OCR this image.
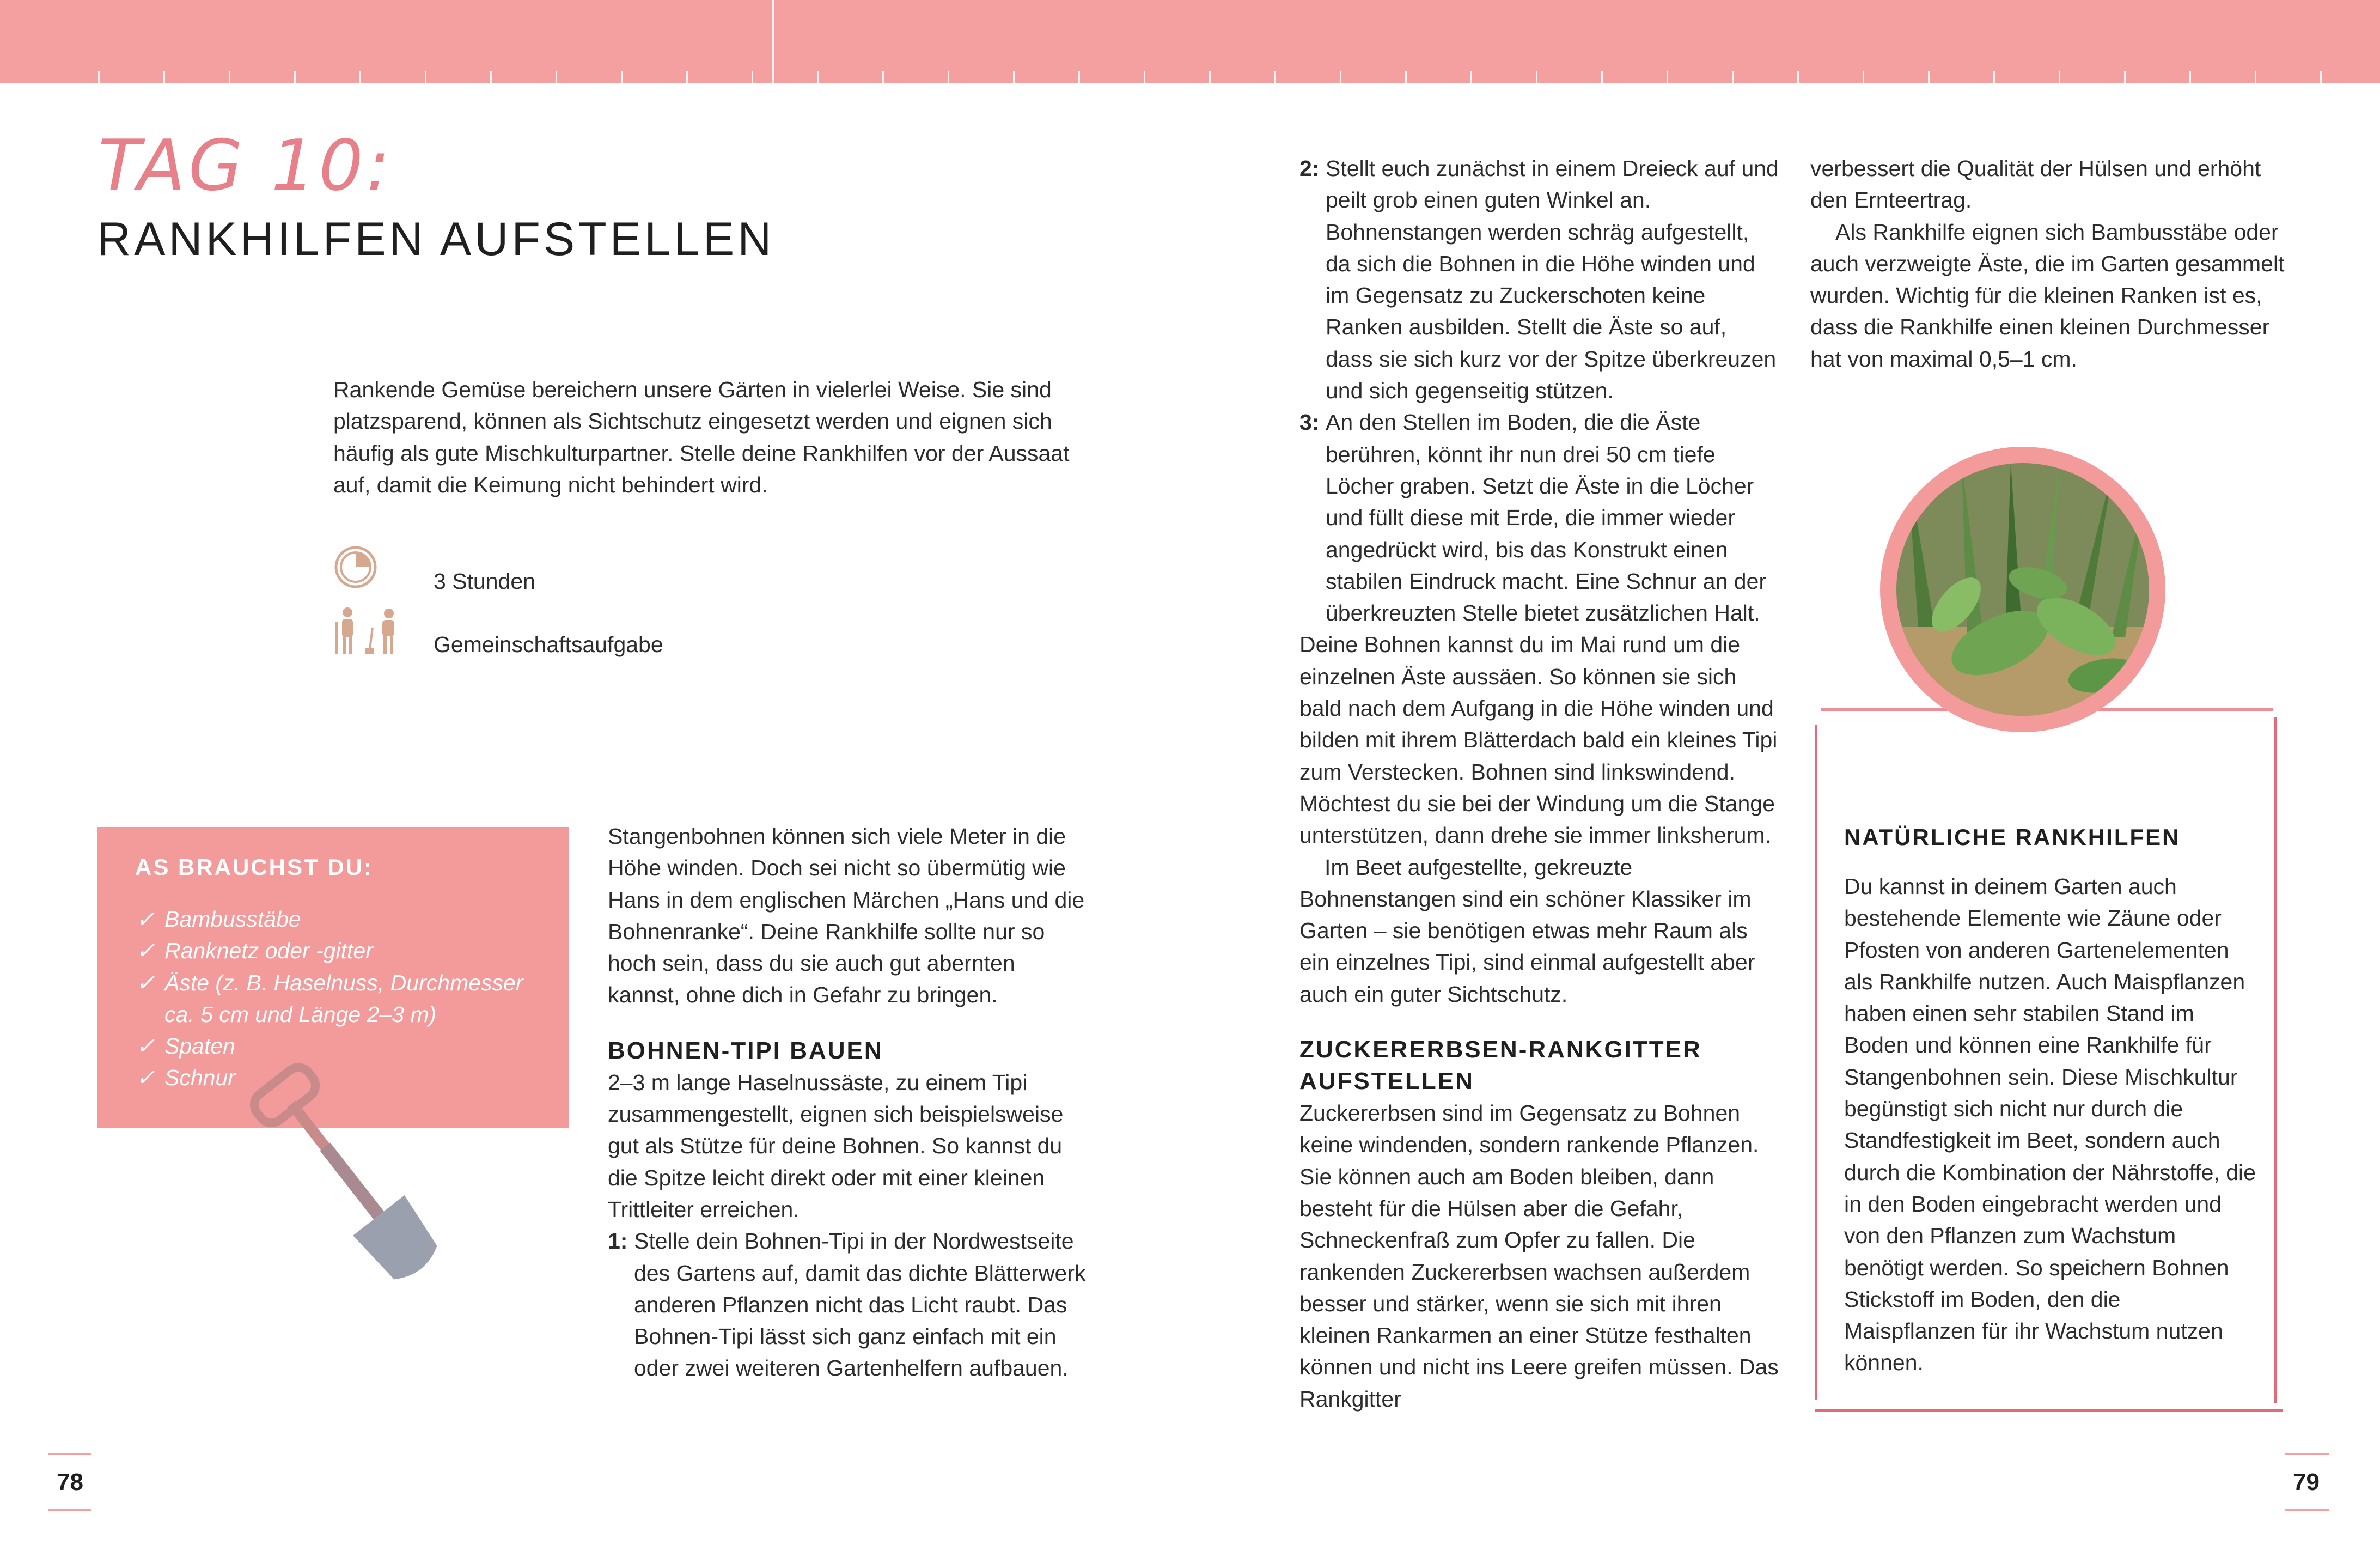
TAG 10:
RANKHILFEN AUFSTELLEN

Rankende Gemüse bereichern unsere Gärten in vielerlei Weise. Sie sind platzsparend, können als Sichtschutz eingesetzt werden und eignen sich häufig als gute Mischkulturpartner. Stelle deine Rankhilfen vor der Aussaat auf, damit die Keimung nicht behindert wird.

3 Stunden
Gemeinschaftsaufgabe
AS BRAUCHST DU:
✓ Bambusstäbe
✓ Ranknetz oder -gitter
✓ Äste (z. B. Haselnuss, Durchmesser
ca. 5 cm und Länge 2–3 m)
✓ Spaten
✓ Schnur

Stangenbohnen können sich viele Meter in die Höhe winden. Doch sei nicht so übermütig wie Hans in dem englischen Märchen „Hans und die Bohnenranke“. Deine Rankhilfe sollte nur so hoch sein, dass du sie auch gut abernten kannst, ohne dich in Gefahr zu bringen.

BOHNEN-TIPI BAUEN

2–3 m lange Haselnussäste, zu einem Tipi zusammengestellt, eignen sich beispielsweise gut als Stütze für deine Bohnen. So kannst du die Spitze leicht direkt oder mit einer kleinen Trittleiter erreichen.

1: Stelle dein Bohnen-Tipi in der Nordwestseite des Gartens auf, damit das dichte Blätterwerk anderen Pflanzen nicht das Licht raubt. Das Bohnen-Tipi lässt sich ganz einfach mit ein oder zwei weiteren Gartenhelfern aufbauen.
2: Stellt euch zunächst in einem Dreieck auf und peilt grob einen guten Winkel an. Bohnenstangen werden schräg aufgestellt, da sich die Bohnen in die Höhe winden und im Gegensatz zu Zuckerschoten keine Ranken ausbilden. Stellt die Äste so auf, dass sie sich kurz vor der Spitze überkreuzen und sich gegenseitig stützen.
3: An den Stellen im Boden, die die Äste berühren, könnt ihr nun drei 50 cm tiefe Löcher graben. Setzt die Äste in die Löcher und füllt diese mit Erde, die immer wieder angedrückt wird, bis das Konstrukt einen stabilen Eindruck macht. Eine Schnur an der überkreuzten Stelle bietet zusätzlichen Halt.

Deine Bohnen kannst du im Mai rund um die einzelnen Äste aussäen. So können sie sich bald nach dem Aufgang in die Höhe winden und bilden mit ihrem Blätterdach bald ein kleines Tipi zum Verstecken. Bohnen sind linkswindend. Möchtest du sie bei der Windung um die Stange unterstützen, dann drehe sie immer linksherum.

Im Beet aufgestellte, gekreuzte Bohnenstangen sind ein schöner Klassiker im Garten – sie benötigen etwas mehr Raum als ein einzelnes Tipi, sind einmal aufgestellt aber auch ein guter Sichtschutz.

ZUCKERERBSEN-RANKGITTER AUFSTELLEN

Zuckererbsen sind im Gegensatz zu Bohnen keine windenden, sondern rankende Pflanzen. Sie können auch am Boden bleiben, dann besteht für die Hülsen aber die Gefahr, Schneckenfraß zum Opfer zu fallen. Die rankenden Zuckererbsen wachsen außerdem besser und stärker, wenn sie sich mit ihren kleinen Rankarmen an einer Stütze festhalten können und nicht ins Leere greifen müssen. Das Rankgitter

verbessert die Qualität der Hülsen und erhöht den Ernteertrag.

Als Rankhilfe eignen sich Bambusstäbe oder auch verzweigte Äste, die im Garten gesammelt wurden. Wichtig für die kleinen Ranken ist es, dass die Rankhilfe einen kleinen Durchmesser hat von maximal 0,5–1 cm.

NATÜRLICHE RANKHILFEN
Du kannst in deinem Garten auch bestehende Elemente wie Zäune oder Pfosten von anderen Gartenelementen als Rankhilfe nutzen. Auch Maispflanzen haben einen sehr stabilen Stand im Boden und können eine Rankhilfe für Stangenbohnen sein. Diese Mischkultur begünstigt sich nicht nur durch die Standfestigkeit im Beet, sondern auch durch die Kombination der Nährstoffe, die in den Boden eingebracht werden und von den Pflanzen zum Wachstum benötigt werden. So speichern Bohnen Stickstoff im Boden, den die Maispflanzen für ihr Wachstum nutzen können.
78	79
